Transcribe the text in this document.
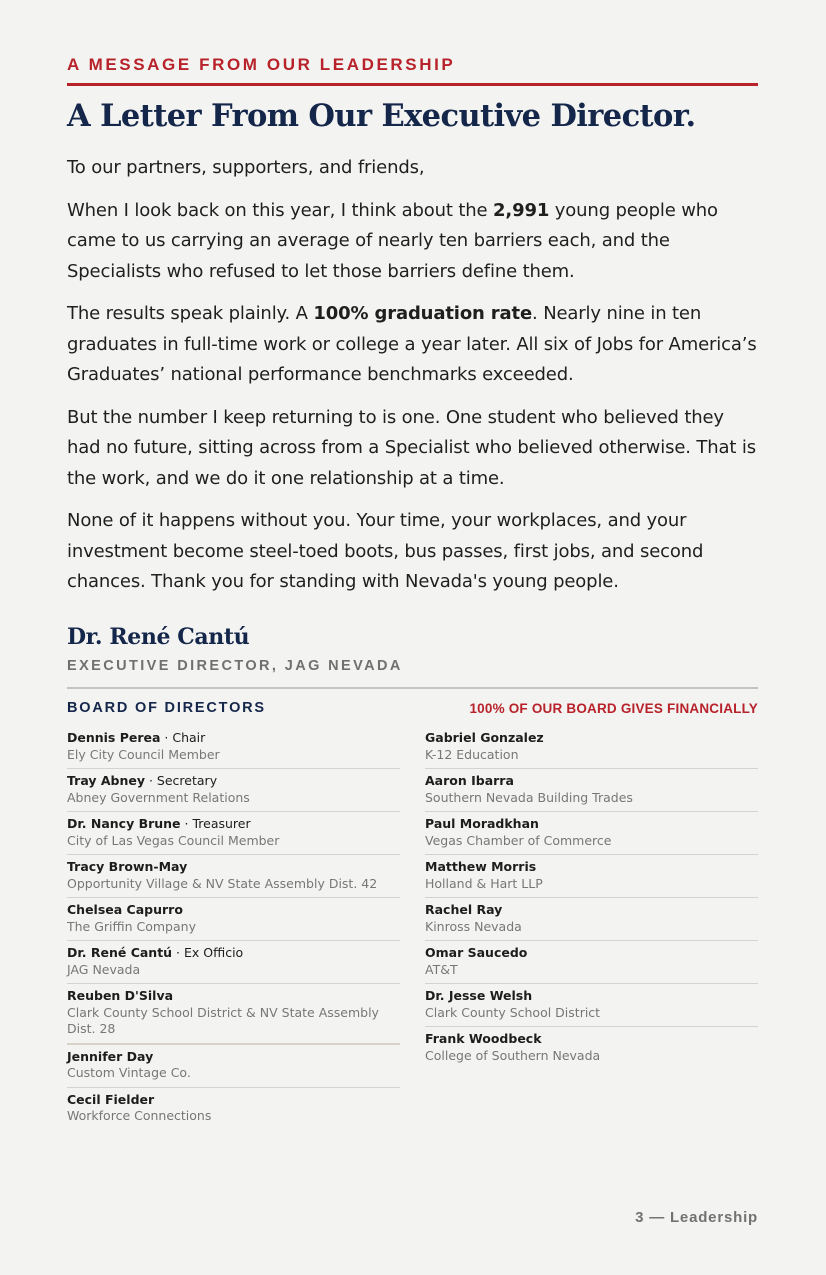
A MESSAGE FROM OUR LEADERSHIP
A Letter From Our Executive Director.

To our partners, supporters, and friends,

When I look back on this year, I think about the 2,991 young people who came to us carrying an average of nearly ten barriers each, and the Specialists who refused to let those barriers define them.

The results speak plainly. A 100% graduation rate. Nearly nine in ten graduates in full-time work or college a year later. All six of Jobs for America’s Graduates’ national performance benchmarks exceeded.

But the number I keep returning to is one. One student who believed they had no future, sitting across from a Specialist who believed otherwise. That is the work, and we do it one relationship at a time.

None of it happens without you. Your time, your workplaces, and your investment become steel-toed boots, bus passes, first jobs, and second chances. Thank you for standing with Nevada's young people.

Dr. René Cantú
EXECUTIVE DIRECTOR, JAG NEVADA
BOARD OF DIRECTORS	100% OF OUR BOARD GIVES FINANCIALLY
Dennis Perea · Chair
Ely City Council Member
Tray Abney · Secretary
Abney Government Relations
Dr. Nancy Brune · Treasurer
City of Las Vegas Council Member
Tracy Brown-May
Opportunity Village & NV State Assembly Dist. 42
Chelsea Capurro
The Griffin Company
Dr. René Cantú · Ex Officio
JAG Nevada
Reuben D'Silva
Clark County School District & NV State Assembly Dist. 28
Jennifer Day
Custom Vintage Co.
Cecil Fielder
Workforce Connections
Gabriel Gonzalez
K-12 Education
Aaron Ibarra
Southern Nevada Building Trades
Paul Moradkhan
Vegas Chamber of Commerce
Matthew Morris
Holland & Hart LLP
Rachel Ray
Kinross Nevada
Omar Saucedo
AT&T
Dr. Jesse Welsh
Clark County School District
Frank Woodbeck
College of Southern Nevada
3 — Leadership
